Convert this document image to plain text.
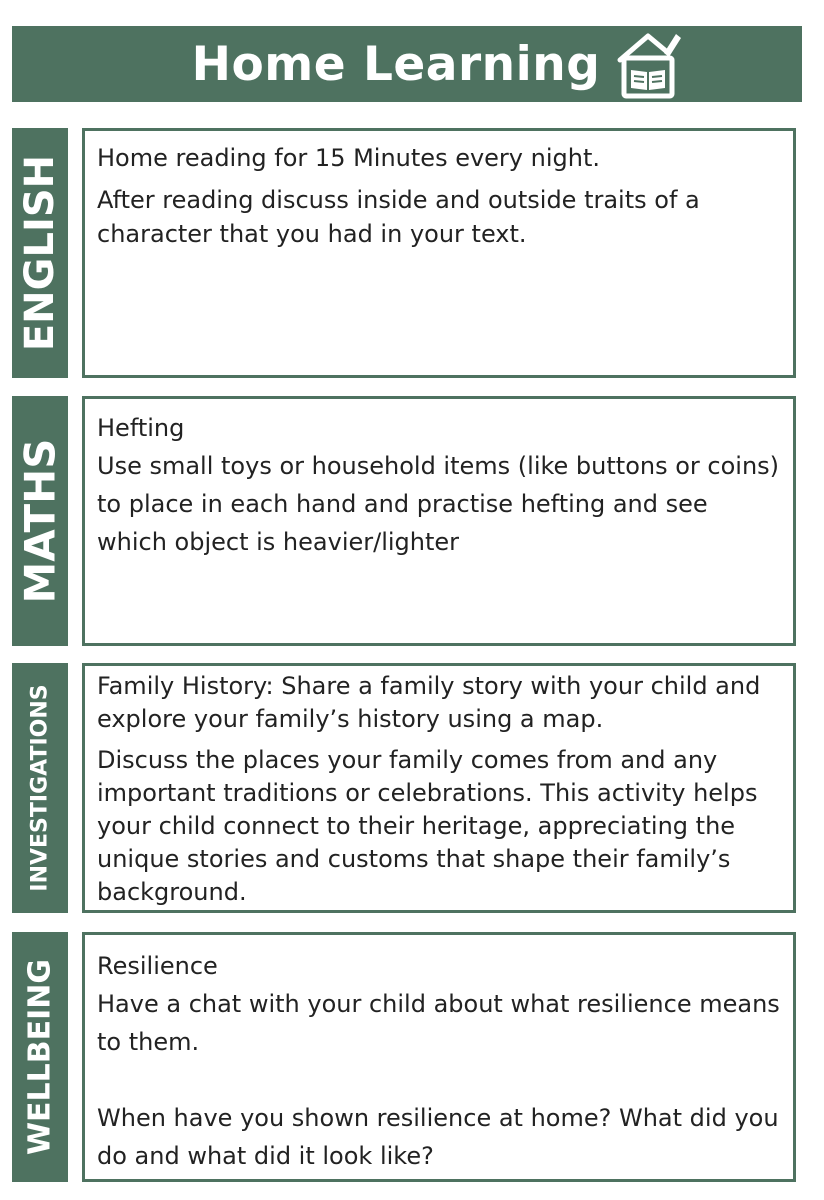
Home Learning
ENGLISH Home reading for 15 Minutes every night.

After reading discuss inside and outside traits of a character that you had in your text.

MATHS

Hefting

Use small toys or household items (like buttons or coins) to place in each hand and practise hefting and see which object is heavier/lighter

INVESTIGATIONS Family History: Share a family story with your child and explore your family’s history using a map.

Discuss the places your family comes from and any important traditions or celebrations. This activity helps your child connect to their heritage, appreciating the unique stories and customs that shape their family’s background.

WELLBEING Resilience

Have a chat with your child about what resilience means to them.

When have you shown resilience at home? What did you do and what did it look like?
